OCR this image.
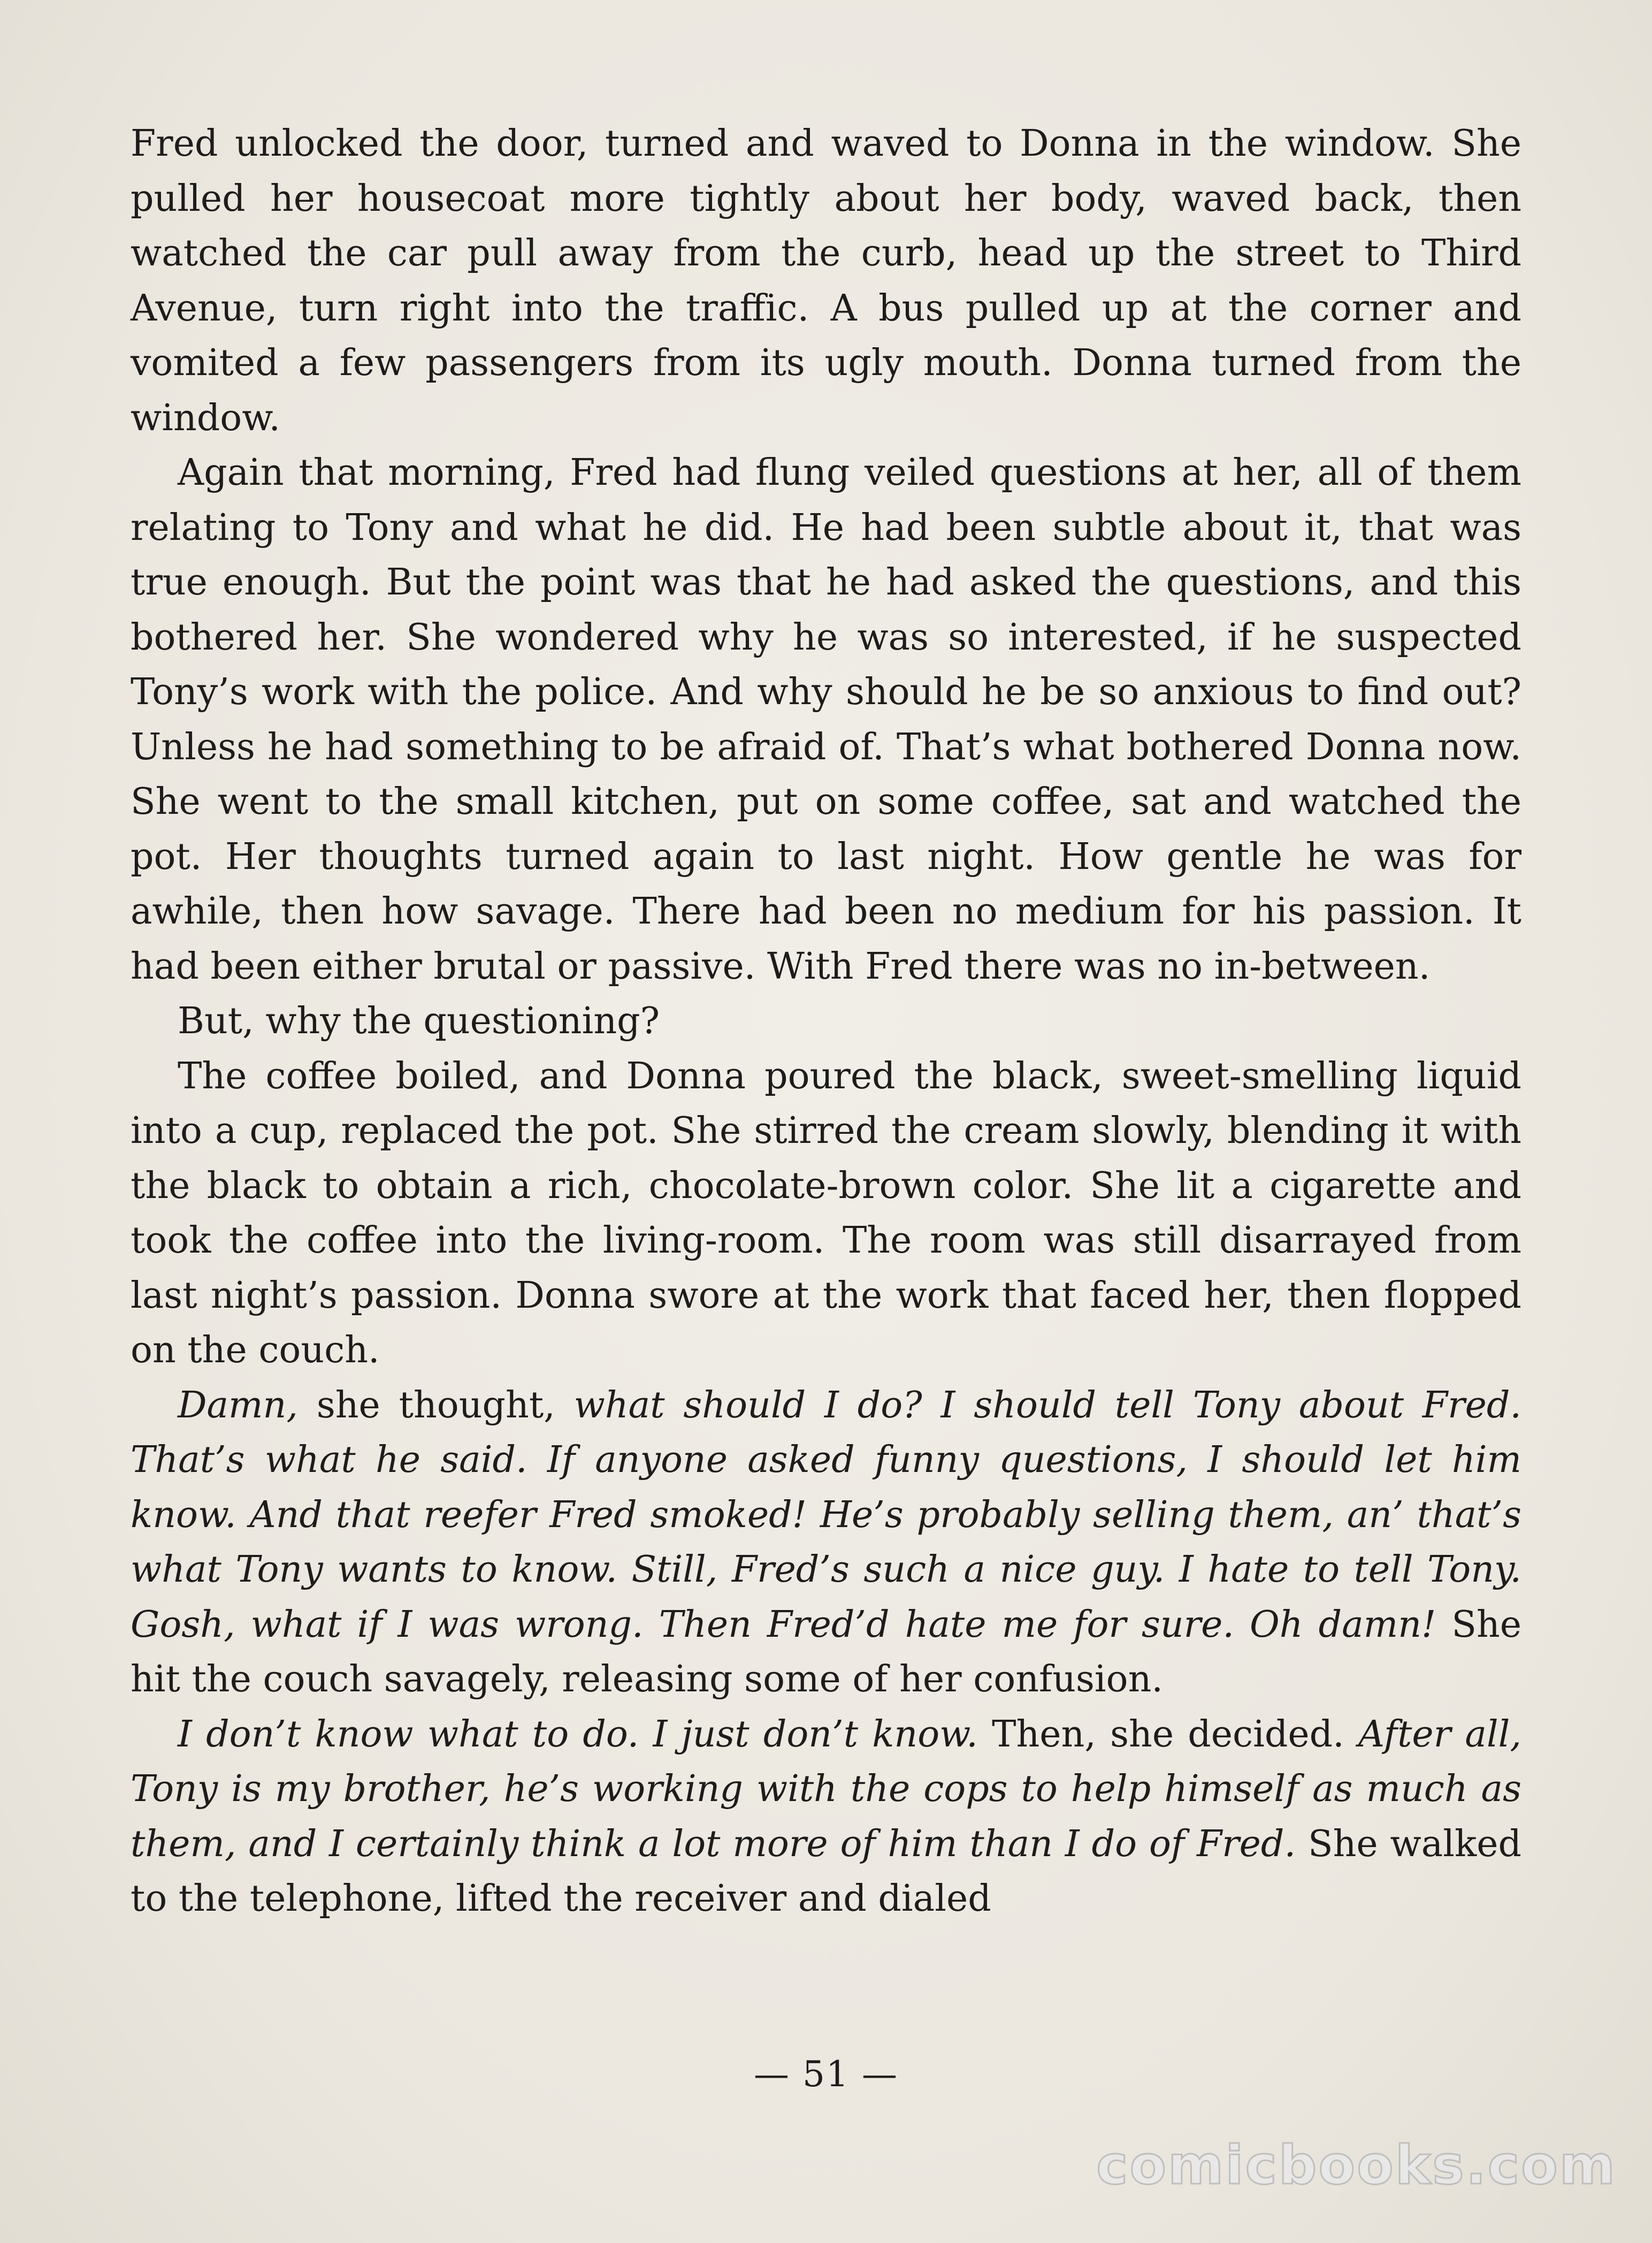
Fred unlocked the door, turned and waved to Donna in the window. She pulled her housecoat more tightly about her body, waved back, then watched the car pull away from the curb, head up the street to Third Avenue, turn right into the traffic. A bus pulled up at the corner and vomited a few passengers from its ugly mouth. Donna turned from the window.

Again that morning, Fred had flung veiled questions at her, all of them relating to Tony and what he did. He had been subtle about it, that was true enough. But the point was that he had asked the questions, and this bothered her. She wondered why he was so interested, if he suspected Tony’s work with the police. And why should he be so anxious to find out? Unless he had something to be afraid of. That’s what bothered Donna now. She went to the small kitchen, put on some coffee, sat and watched the pot. Her thoughts turned again to last night. How gentle he was for awhile, then how savage. There had been no medium for his passion. It had been either brutal or passive. With Fred there was no in-between.

But, why the questioning?

The coffee boiled, and Donna poured the black, sweet-smelling liquid into a cup, replaced the pot. She stirred the cream slowly, blending it with the black to obtain a rich, chocolate-brown color. She lit a cigarette and took the coffee into the living-room. The room was still disarrayed from last night’s passion. Donna swore at the work that faced her, then flopped on the couch.

Damn, she thought, what should I do? I should tell Tony about Fred. That’s what he said. If anyone asked funny questions, I should let him know. And that reefer Fred smoked! He’s probably selling them, an’ that’s what Tony wants to know. Still, Fred’s such a nice guy. I hate to tell Tony. Gosh, what if I was wrong. Then Fred’d hate me for sure. Oh damn! She hit the couch savagely, releasing some of her confusion.

I don’t know what to do. I just don’t know. Then, she decided. After all, Tony is my brother, he’s working with the cops to help himself as much as them, and I certainly think a lot more of him than I do of Fred. She walked to the telephone, lifted the receiver and dialed

— 51 —
comicbooks.com
